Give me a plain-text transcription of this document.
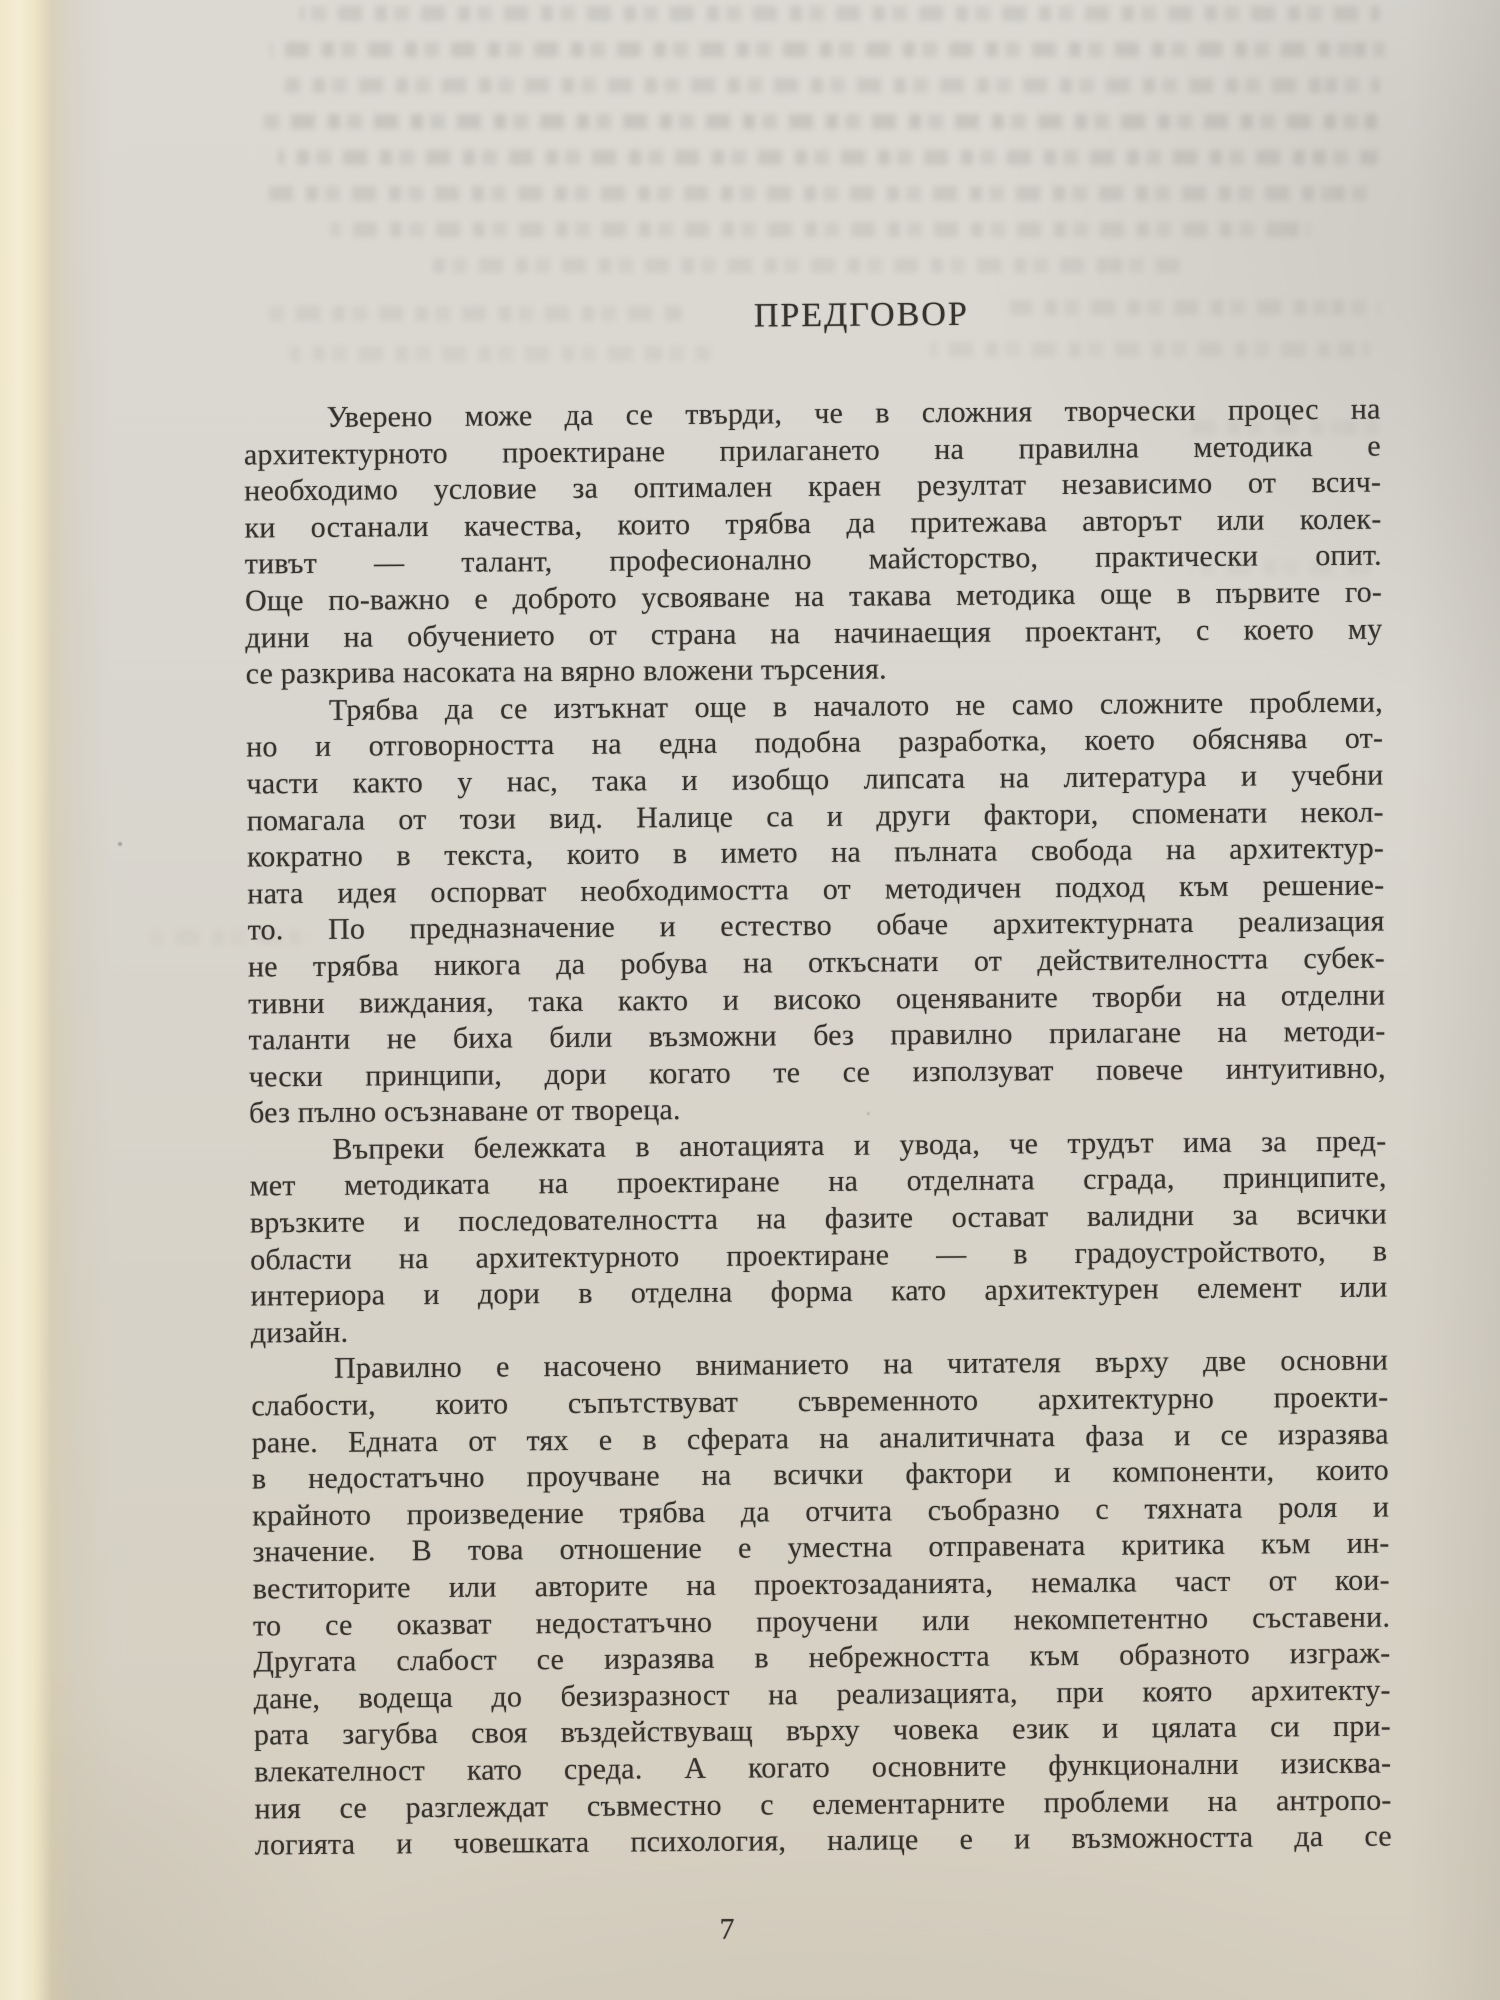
ПРЕДГОВОР
Уверено може да се твърди, че в сложния творчески процес на
архитектурното проектиране прилагането на правилна методика е
необходимо условие за оптимален краен резултат независимо от всич-
ки останали качества, които трябва да притежава авторът или колек-
тивът — талант, професионално майсторство, практически опит.
Още по-важно е доброто усвояване на такава методика още в първите го-
дини на обучението от страна на начинаещия проектант, с което му
се разкрива насоката на вярно вложени търсения.
Трябва да се изтъкнат още в началото не само сложните проблеми,
но и отговорността на една подобна разработка, което обяснява от-
части както у нас, така и изобщо липсата на литература и учебни
помагала от този вид. Налице са и други фактори, споменати некол-
кократно в текста, които в името на пълната свобода на архитектур-
ната идея оспорват необходимостта от методичен подход към решение-
то. По предназначение и естество обаче архитектурната реализация
не трябва никога да робува на откъснати от действителността субек-
тивни виждания, така както и високо оценяваните творби на отделни
таланти не биха били възможни без правилно прилагане на методи-
чески принципи, дори когато те се използуват повече интуитивно,
без пълно осъзнаване от твореца.
Въпреки бележката в анотацията и увода, че трудът има за пред-
мет методиката на проектиране на отделната сграда, принципите,
връзките и последователността на фазите остават валидни за всички
области на архитектурното проектиране — в градоустройството, в
интериора и дори в отделна форма като архитектурен елемент или
дизайн.
Правилно е насочено вниманието на читателя върху две основни
слабости, които съпътствуват съвременното архитектурно проекти-
ране. Едната от тях е в сферата на аналитичната фаза и се изразява
в недостатъчно проучване на всички фактори и компоненти, които
крайното произведение трябва да отчита съобразно с тяхната роля и
значение. В това отношение е уместна отправената критика към ин-
веститорите или авторите на проектозаданията, немалка част от кои-
то се оказват недостатъчно проучени или некомпетентно съставени.
Другата слабост се изразява в небрежността към образното изграж-
дане, водеща до безизразност на реализацията, при която архитекту-
рата загубва своя въздействуващ върху човека език и цялата си при-
влекателност като среда. А когато основните функционални изисква-
ния се разглеждат съвместно с елементарните проблеми на антропо-
логията и човешката психология, налице е и възможността да се
7
